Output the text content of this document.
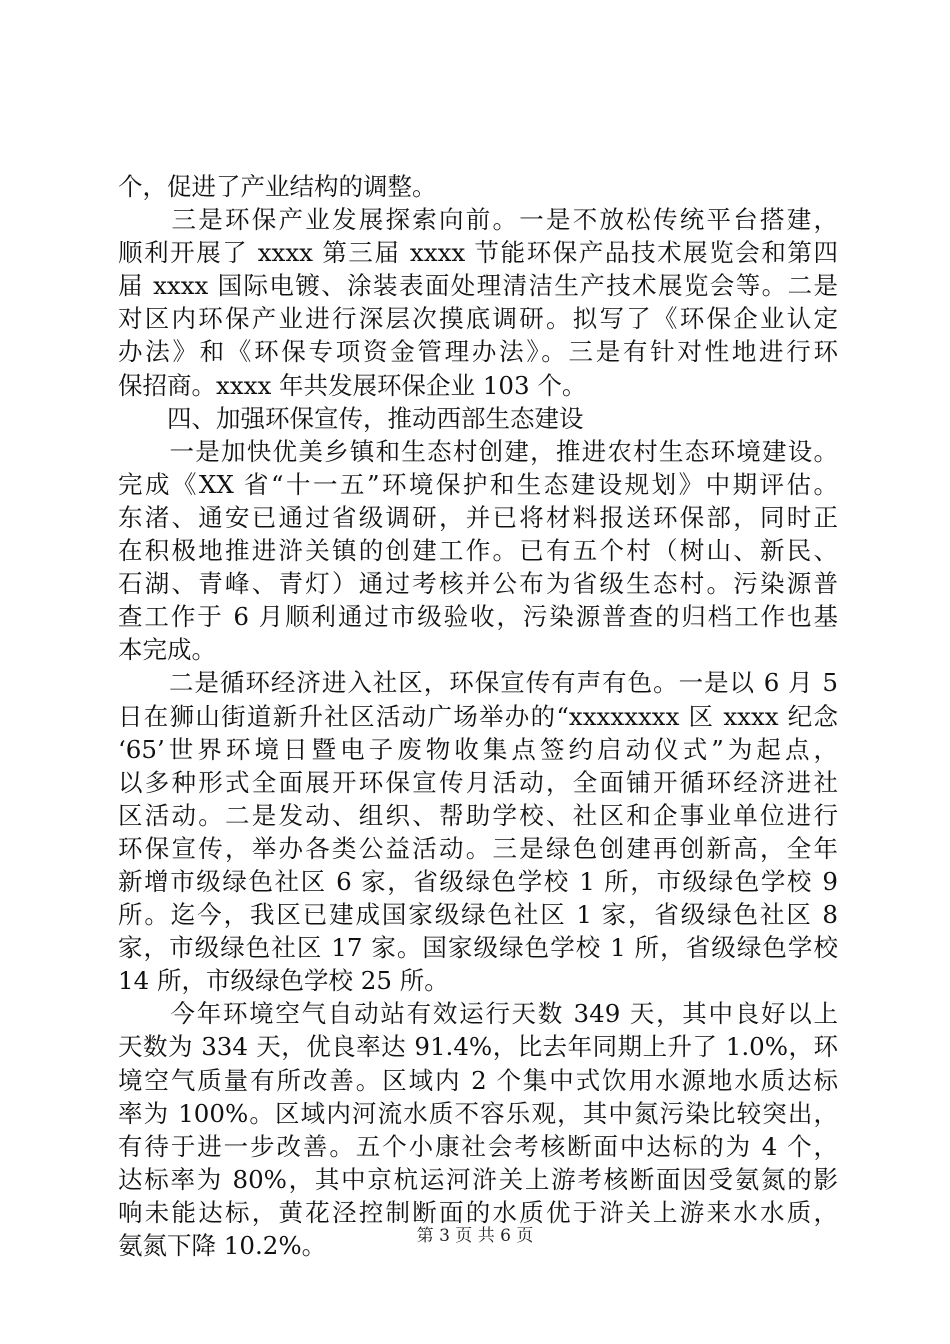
个，促进了产业结构的调整。
　　三是环保产业发展探索向前。一是不放松传统平台搭建，
顺利开展了 xxxx 第三届 xxxx 节能环保产品技术展览会和第四
届 xxxx 国际电镀、涂装表面处理清洁生产技术展览会等。二是
对区内环保产业进行深层次摸底调研。拟写了《环保企业认定
办法》和《环保专项资金管理办法》。三是有针对性地进行环
保招商。xxxx 年共发展环保企业 103 个。
　　四、加强环保宣传，推动西部生态建设
　　一是加快优美乡镇和生态村创建，推进农村生态环境建设。
完成《XX 省“十一五”环境保护和生态建设规划》中期评估。
东渚、通安已通过省级调研，并已将材料报送环保部，同时正
在积极地推进浒关镇的创建工作。已有五个村（树山、新民、
石湖、青峰、青灯）通过考核并公布为省级生态村。污染源普
查工作于 6 月顺利通过市级验收，污染源普查的归档工作也基
本完成。
　　二是循环经济进入社区，环保宣传有声有色。一是以 6 月 5
日在狮山街道新升社区活动广场举办的“xxxxxxxx 区 xxxx 纪念
‘65’世界环境日暨电子废物收集点签约启动仪式”为起点，
以多种形式全面展开环保宣传月活动，全面铺开循环经济进社
区活动。二是发动、组织、帮助学校、社区和企事业单位进行
环保宣传，举办各类公益活动。三是绿色创建再创新高，全年
新增市级绿色社区 6 家，省级绿色学校 1 所，市级绿色学校 9
所。迄今，我区已建成国家级绿色社区 1 家，省级绿色社区 8
家，市级绿色社区 17 家。国家级绿色学校 1 所，省级绿色学校
14 所，市级绿色学校 25 所。
　　今年环境空气自动站有效运行天数 349 天，其中良好以上
天数为 334 天，优良率达 91.4%，比去年同期上升了 1.0%，环
境空气质量有所改善。区域内 2 个集中式饮用水源地水质达标
率为 100%。区域内河流水质不容乐观，其中氮污染比较突出，
有待于进一步改善。五个小康社会考核断面中达标的为 4 个，
达标率为 80%，其中京杭运河浒关上游考核断面因受氨氮的影
响未能达标，黄花泾控制断面的水质优于浒关上游来水水质，
氨氮下降 10.2%。	第 3 页 共 6 页
